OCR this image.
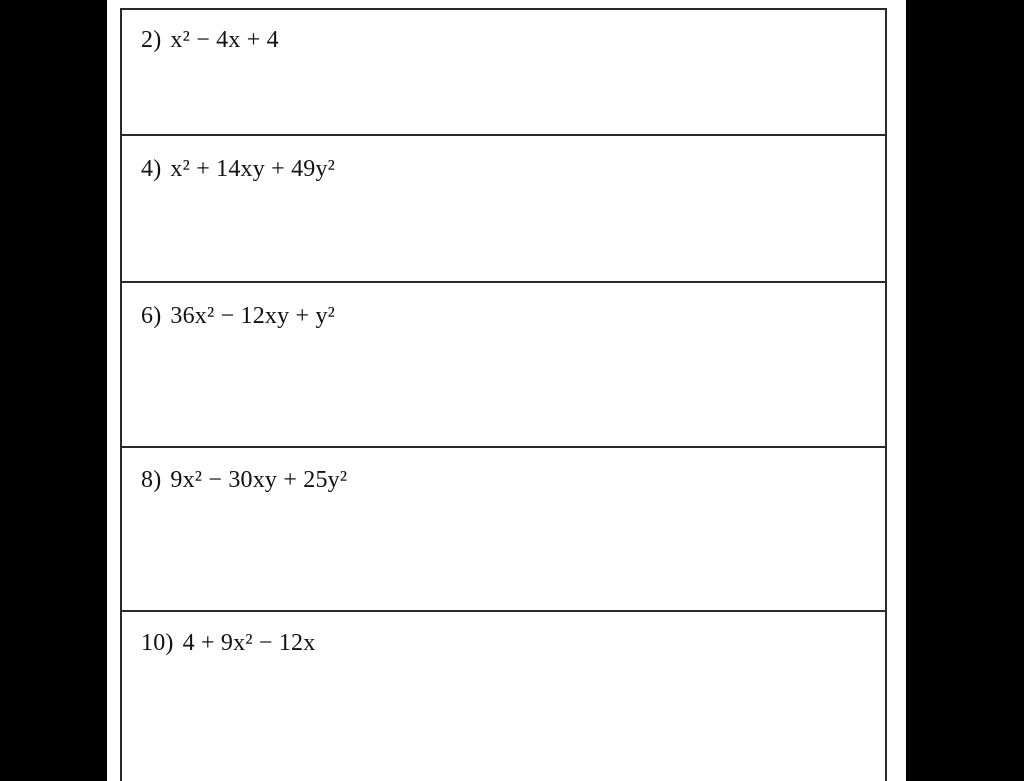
2) x² − 4x + 4
4) x² + 14xy + 49y²
6) 36x² − 12xy + y²
8) 9x² − 30xy + 25y²
10) 4 + 9x² − 12x
